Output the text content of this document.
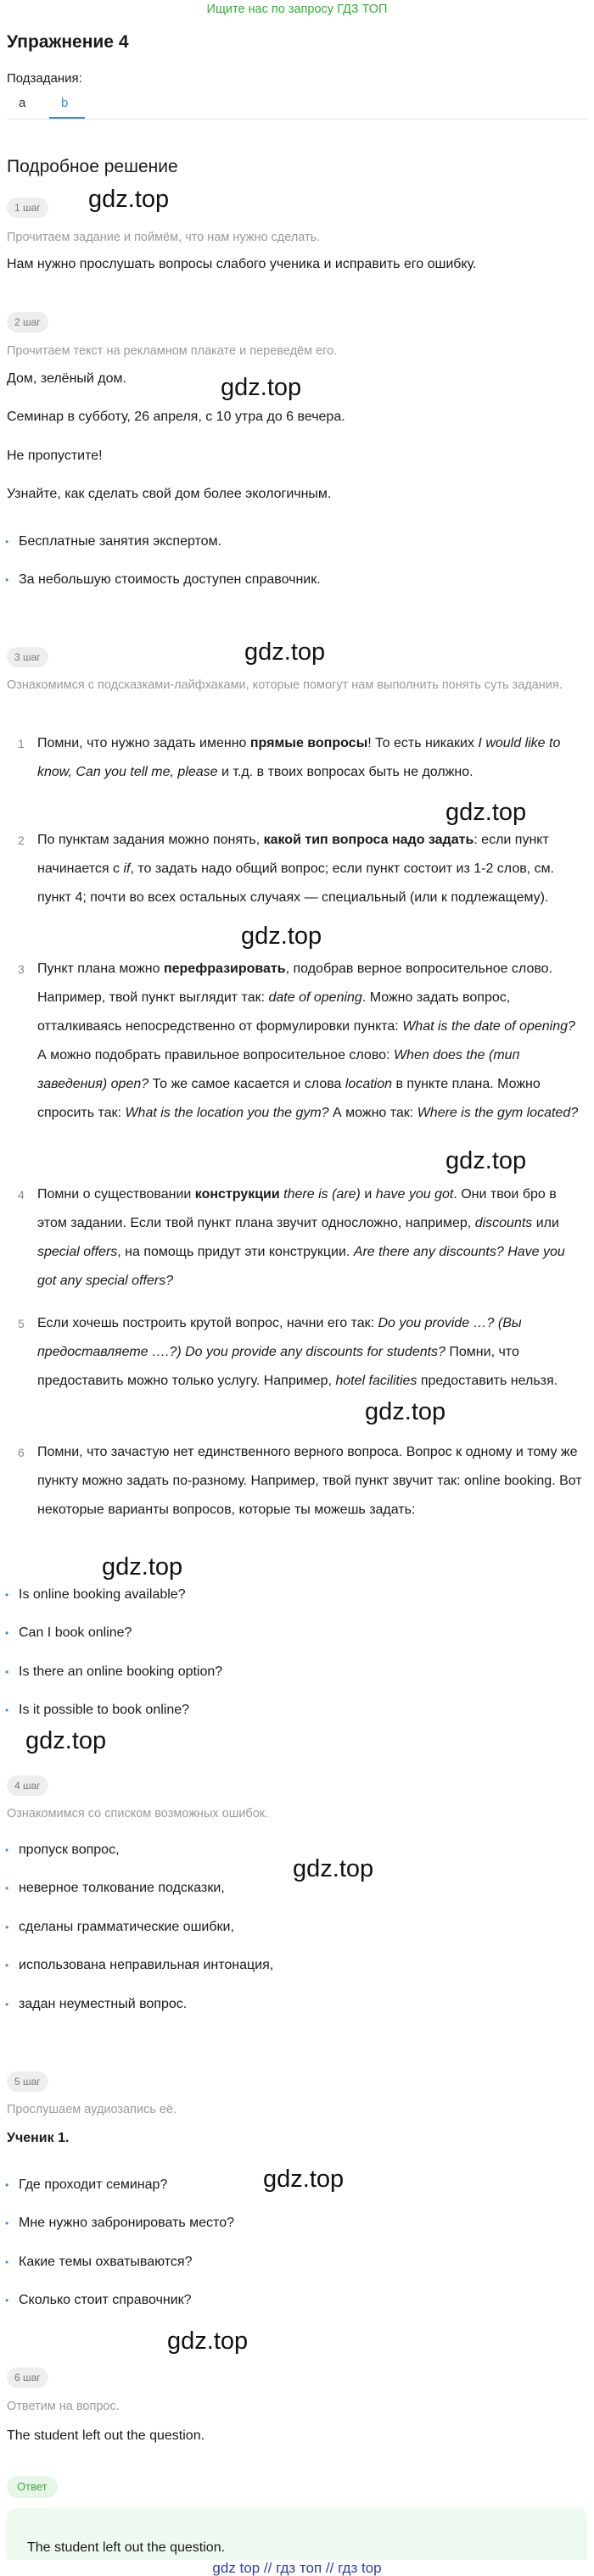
Ищите нас по запросу ГДЗ ТОП
Упражнение 4
Подзадания:
a	b
Подробное решение
1 шаг
Прочитаем задание и поймём, что нам нужно сделать.
Нам нужно прослушать вопросы слабого ученика и исправить его ошибку.
2 шаг
Прочитаем текст на рекламном плакате и переведём его.
Дом, зелёный дом.
Семинар в субботу, 26 апреля, с 10 утра до 6 вечера.
Не пропустите!
Узнайте, как сделать свой дом более экологичным.
• Бесплатные занятия экспертом.
• За небольшую стоимость доступен справочник.
3 шаг
Ознакомимся с подсказками-лайфхаками, которые помогут нам выполнить понять суть задания.
1 Помни, что нужно задать именно прямые вопросы! То есть никаких I would like to know, Can you tell me, please и т.д. в твоих вопросах быть не должно.
2 По пунктам задания можно понять, какой тип вопроса надо задать: если пункт начинается с if, то задать надо общий вопрос; если пункт состоит из 1-2 слов, см. пункт 4; почти во всех остальных случаях — специальный (или к подлежащему).
3 Пункт плана можно перефразировать, подобрав верное вопросительное слово. Например, твой пункт выглядит так: date of opening. Можно задать вопрос, отталкиваясь непосредственно от формулировки пункта: What is the date of opening? А можно подобрать правильное вопросительное слово: When does the (тип заведения) open? То же самое касается и слова location в пункте плана. Можно спросить так: What is the location you the gym? А можно так: Where is the gym located?
4 Помни о существовании конструкции there is (are) и have you got. Они твои бро в этом задании. Если твой пункт плана звучит односложно, например, discounts или special offers, на помощь придут эти конструкции. Are there any discounts? Have you got any special offers?
5 Если хочешь построить крутой вопрос, начни его так: Do you provide …? (Вы предоставляете ….?) Do you provide any discounts for students? Помни, что предоставить можно только услугу. Например, hotel facilities предоставить нельзя.
6 Помни, что зачастую нет единственного верного вопроса. Вопрос к одному и тому же пункту можно задать по-разному. Например, твой пункт звучит так: online booking. Вот некоторые варианты вопросов, которые ты можешь задать:
• Is online booking available?
• Can I book online?
• Is there an online booking option?
• Is it possible to book online?
4 шаг
Ознакомимся со списком возможных ошибок.
• пропуск вопрос,
• неверное толкование подсказки,
• сделаны грамматические ошибки,
• использована неправильная интонация,
• задан неуместный вопрос.
5 шаг
Прослушаем аудиозапись её.
Ученик 1.
• Где проходит семинар?
• Мне нужно забронировать место?
• Какие темы охватываются?
• Сколько стоит справочник?
6 шаг
Ответим на вопрос.
The student left out the question.
Ответ
The student left out the question.
gdz.top
gdz.top
gdz.top
gdz.top
gdz.top
gdz.top
gdz.top
gdz.top
gdz.top
gdz.top
gdz.top
gdz.top
gdz top // гдз топ // гдз top
